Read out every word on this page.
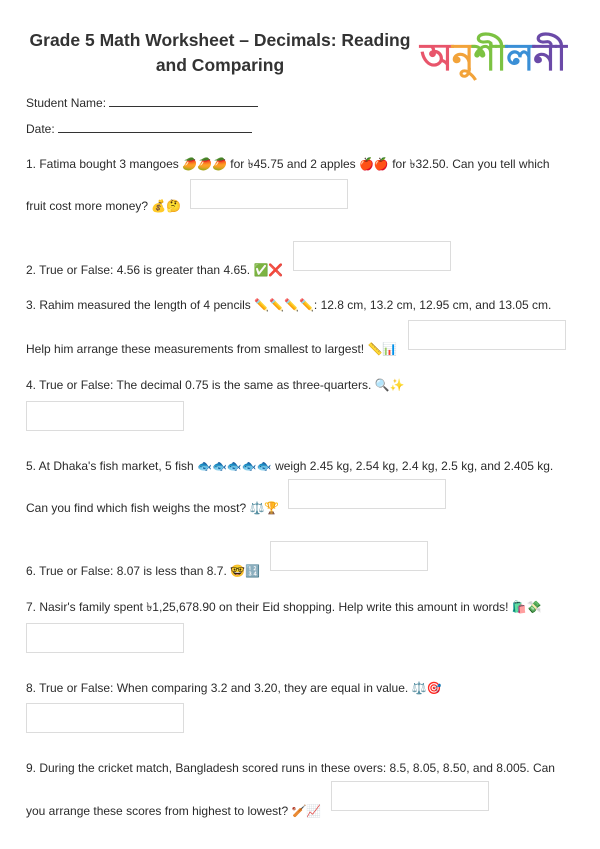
Grade 5 Math Worksheet – Decimals: Reading
and Comparing	অনুশীলনী
Student Name:
Date:
1. Fatima bought 3 mangoes 🥭🥭🥭 for ৳45.75 and 2 apples 🍎🍎 for ৳32.50. Can you tell which
fruit cost more money? 💰🤔
2. True or False: 4.56 is greater than 4.65. ✅❌
3. Rahim measured the length of 4 pencils ✏️✏️✏️✏️: 12.8 cm, 13.2 cm, 12.95 cm, and 13.05 cm.
Help him arrange these measurements from smallest to largest! 📏📊
4. True or False: The decimal 0.75 is the same as three-quarters. 🔍✨
5. At Dhaka's fish market, 5 fish 🐟🐟🐟🐟🐟 weigh 2.45 kg, 2.54 kg, 2.4 kg, 2.5 kg, and 2.405 kg.
Can you find which fish weighs the most? ⚖️🏆
6. True or False: 8.07 is less than 8.7. 🤓🔢
7. Nasir's family spent ৳1,25,678.90 on their Eid shopping. Help write this amount in words! 🛍️💸
8. True or False: When comparing 3.2 and 3.20, they are equal in value. ⚖️🎯
9. During the cricket match, Bangladesh scored runs in these overs: 8.5, 8.05, 8.50, and 8.005. Can
you arrange these scores from highest to lowest? 🏏📈
